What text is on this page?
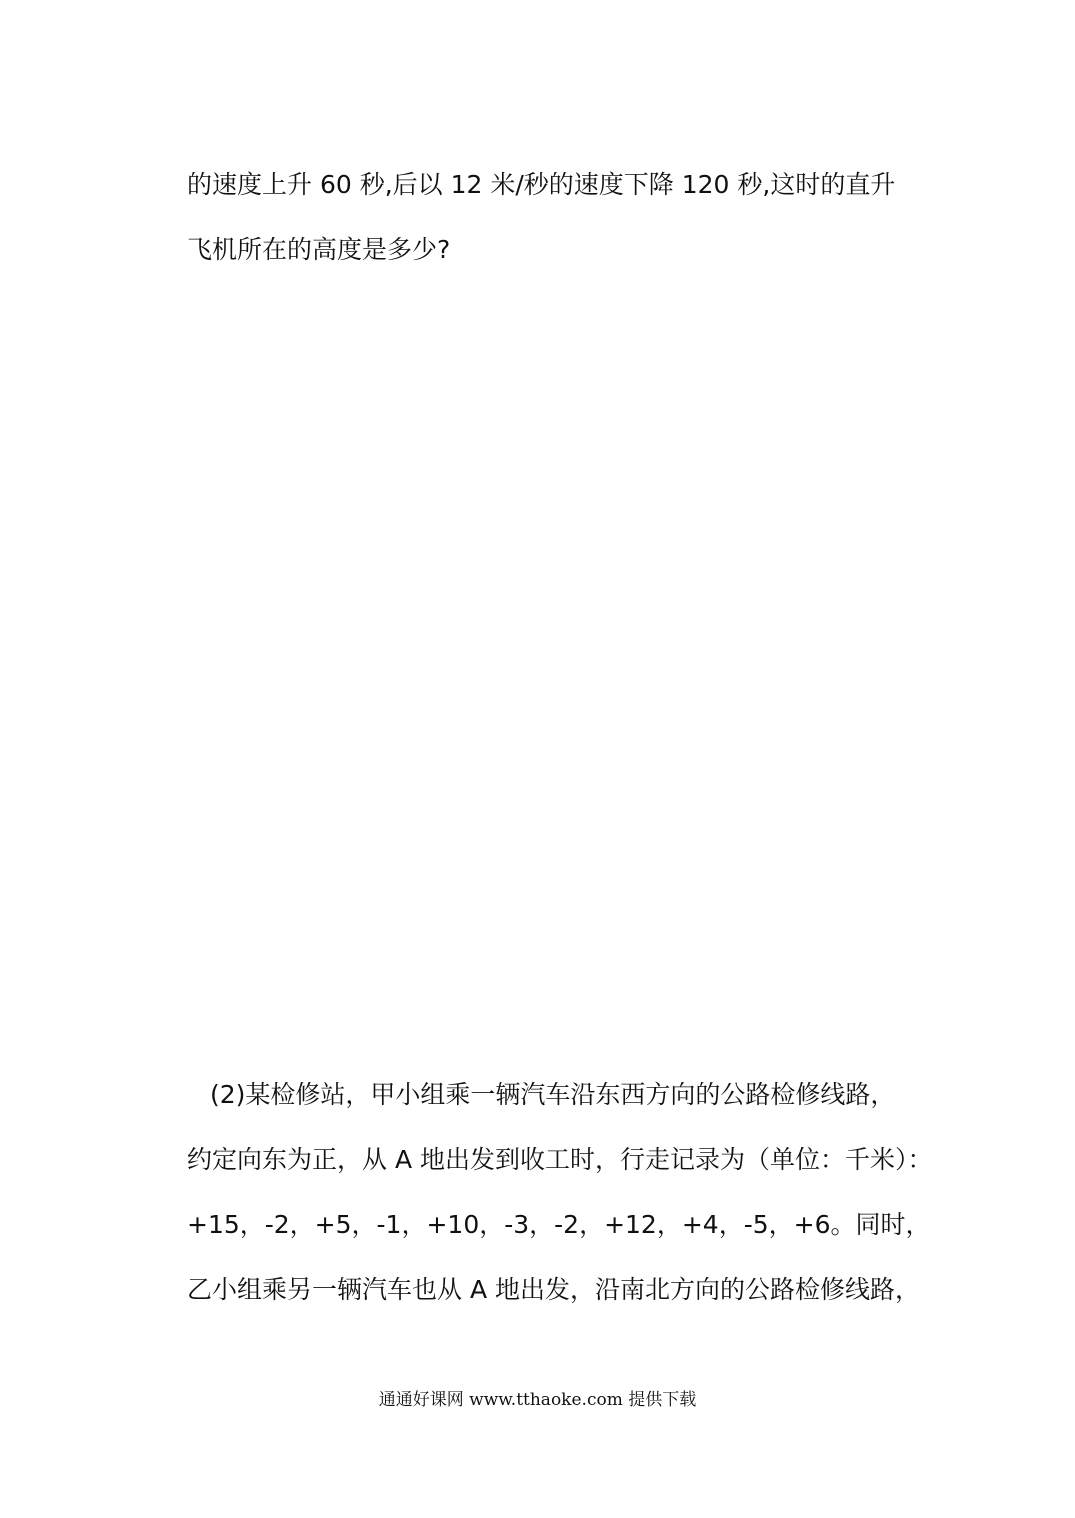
的速度上升 60 秒,后以 12 米/秒的速度下降 120 秒,这时的直升
飞机所在的高度是多少?
(2)某检修站，甲小组乘一辆汽车沿东西方向的公路检修线路，
约定向东为正，从 A 地出发到收工时，行走记录为（单位：千米）：
+15，-2，+5，-1，+10，-3，-2，+12，+4，-5，+6。同时，
乙小组乘另一辆汽车也从 A 地出发，沿南北方向的公路检修线路，
通通好课网 www.tthaoke.com 提供下载
